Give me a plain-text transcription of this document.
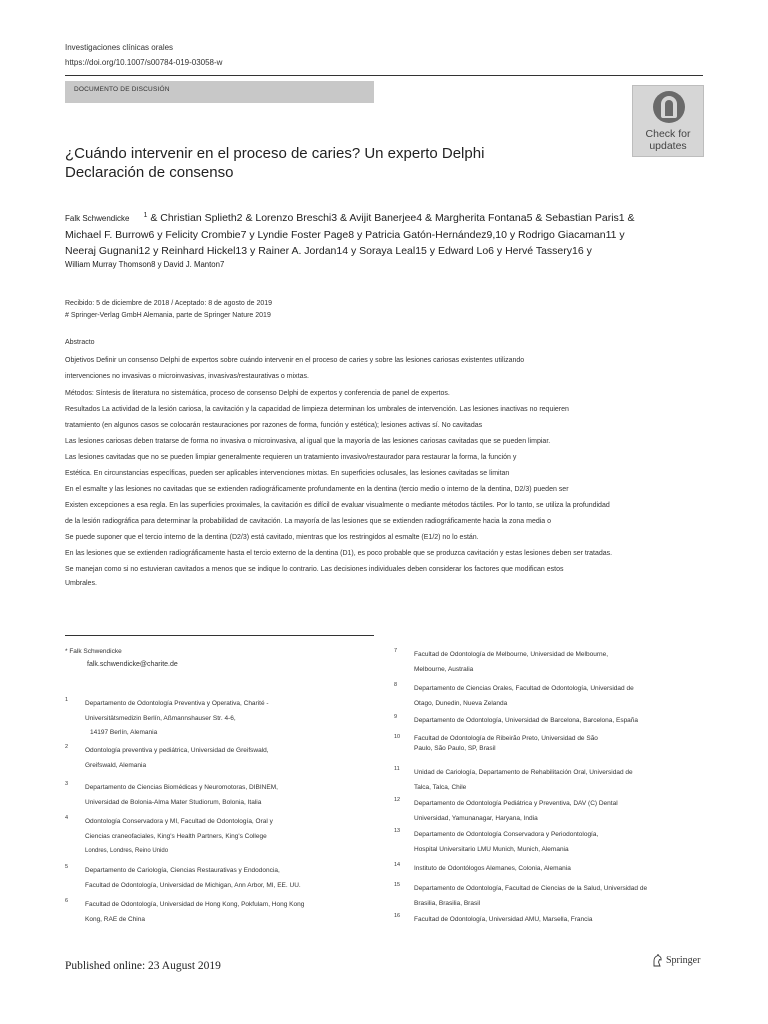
Investigaciones clínicas orales
https://doi.org/10.1007/s00784-019-03058-w
DOCUMENTO DE DISCUSIÓN
Check for
updates
¿Cuándo intervenir en el proceso de caries? Un experto Delphi
Declaración de consenso
Falk Schwendicke $^1$ & Christian Splieth2 & Lorenzo Breschi3 & Avijit Banerjee4 & Margherita Fontana5 & Sebastian Paris1 &
Michael F. Burrow6 y Felicity Crombie7 y Lyndie Foster Page8 y Patricia Gatón-Hernández9,10 y Rodrigo Giacaman11 y
Neeraj Gugnani12 y Reinhard Hickel13 y Rainer A. Jordan14 y Soraya Leal15 y Edward Lo6 y Hervé Tassery16 y
William Murray Thomson8 y David J. Manton7
Recibido: 5 de diciembre de 2018 / Aceptado: 8 de agosto de 2019
# Springer-Verlag GmbH Alemania, parte de Springer Nature 2019

Abstracto

Objetivos Definir un consenso Delphi de expertos sobre cuándo intervenir en el proceso de caries y sobre las lesiones cariosas existentes utilizando

intervenciones no invasivas o microinvasivas, invasivas/restaurativas o mixtas.

Métodos: Síntesis de literatura no sistemática, proceso de consenso Delphi de expertos y conferencia de panel de expertos.

Resultados La actividad de la lesión cariosa, la cavitación y la capacidad de limpieza determinan los umbrales de intervención. Las lesiones inactivas no requieren

tratamiento (en algunos casos se colocarán restauraciones por razones de forma, función y estética); lesiones activas sí. No cavitadas

Las lesiones cariosas deben tratarse de forma no invasiva o microinvasiva, al igual que la mayoría de las lesiones cariosas cavitadas que se pueden limpiar.

Las lesiones cavitadas que no se pueden limpiar generalmente requieren un tratamiento invasivo/restaurador para restaurar la forma, la función y

Estética. En circunstancias específicas, pueden ser aplicables intervenciones mixtas. En superficies oclusales, las lesiones cavitadas se limitan

En el esmalte y las lesiones no cavitadas que se extienden radiográficamente profundamente en la dentina (tercio medio o interno de la dentina, D2/3) pueden ser

Existen excepciones a esa regla. En las superficies proximales, la cavitación es difícil de evaluar visualmente o mediante métodos táctiles. Por lo tanto, se utiliza la profundidad

de la lesión radiográfica para determinar la probabilidad de cavitación. La mayoría de las lesiones que se extienden radiográficamente hacia la zona media o

Se puede suponer que el tercio interno de la dentina (D2/3) está cavitado, mientras que los restringidos al esmalte (E1/2) no lo están.

En las lesiones que se extienden radiográficamente hasta el tercio externo de la dentina (D1), es poco probable que se produzca cavitación y estas lesiones deben ser tratadas.

Se manejan como si no estuvieran cavitados a menos que se indique lo contrario. Las decisiones individuales deben considerar los factores que modifican estos

Umbrales.

* Falk Schwendicke
falk.schwendicke@charite.de
1	Departamento de Odontología Preventiva y Operativa, Charité -
Universitätsmedizin Berlín, Aßmannshauser Str. 4-6,
14197 Berlín, Alemania
2	Odontología preventiva y pediátrica, Universidad de Greifswald,
Greifswald, Alemania
3	Departamento de Ciencias Biomédicas y Neuromotoras, DIBINEM,
Universidad de Bolonia-Alma Mater Studiorum, Bolonia, Italia
4	Odontología Conservadora y MI, Facultad de Odontología, Oral y
Ciencias craneofaciales, King's Health Partners, King's College
Londres, Londres, Reino Unido
5	Departamento de Cariología, Ciencias Restaurativas y Endodoncia,
Facultad de Odontología, Universidad de Michigan, Ann Arbor, MI, EE. UU.
6	Facultad de Odontología, Universidad de Hong Kong, Pokfulam, Hong Kong
Kong, RAE de China
7	Facultad de Odontología de Melbourne, Universidad de Melbourne,
Melbourne, Australia
8	Departamento de Ciencias Orales, Facultad de Odontología, Universidad de
Otago, Dunedin, Nueva Zelanda
9	Departamento de Odontología, Universidad de Barcelona, Barcelona, España
10 Facultad de Odontología de Ribeirão Preto, Universidad de São
Paulo, São Paulo, SP, Brasil
11 Unidad de Cariología, Departamento de Rehabilitación Oral, Universidad de
Talca, Talca, Chile
12 Departamento de Odontología Pediátrica y Preventiva, DAV (C) Dental
Universidad, Yamunanagar, Haryana, India
13 Departamento de Odontología Conservadora y Periodontología,
Hospital Universitario LMU Munich, Munich, Alemania
14 Instituto de Odontólogos Alemanes, Colonia, Alemania
15 Departamento de Odontología, Facultad de Ciencias de la Salud, Universidad de
Brasilia, Brasilia, Brasil
16 Facultad de Odontología, Universidad AMU, Marsella, Francia
Published online: 23 August 2019	Springer
